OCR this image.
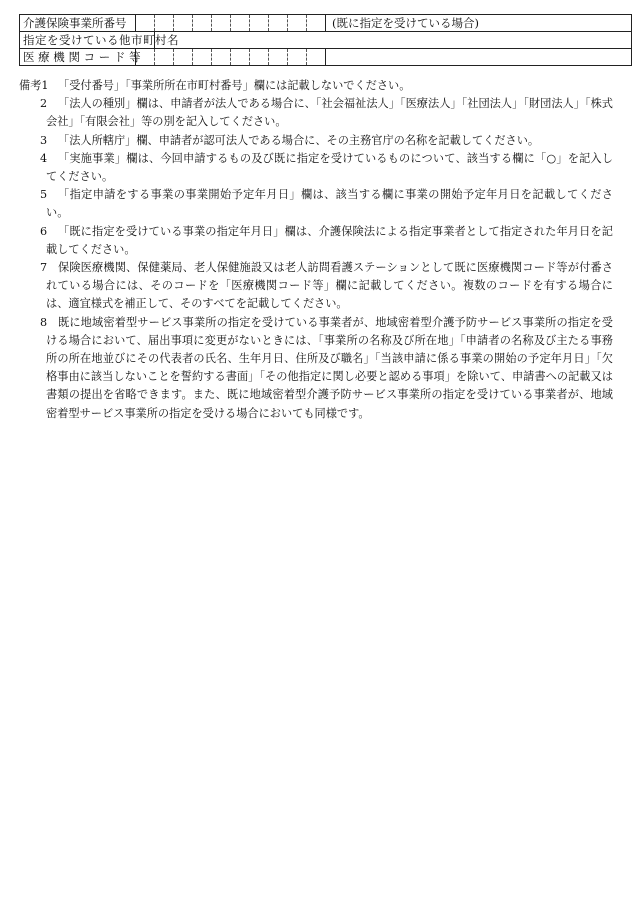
介護保険事業所番号											(既に指定を受けている場合)
指定を受けている他市町村名											
医 療 機 関 コ ー ド 等											
備考1 「受付番号」「事業所所在市町村番号」欄には記載しないでください。
2 「法人の種別」欄は、申請者が法人である場合に、「社会福祉法人」「医療法人」「社団法人」「財団法人」「株式会社」「有限会社」等の別を記入してください。
3 「法人所轄庁」欄、申請者が認可法人である場合に、その主務官庁の名称を記載してください。
4 「実施事業」欄は、今回申請するもの及び既に指定を受けているものについて、該当する欄に「○」を記入してください。
5 「指定申請をする事業の事業開始予定年月日」欄は、該当する欄に事業の開始予定年月日を記載してください。
6 「既に指定を受けている事業の指定年月日」欄は、介護保険法による指定事業者として指定された年月日を記載してください。
7 保険医療機関、保健薬局、老人保健施設又は老人訪問看護ステーションとして既に医療機関コード等が付番されている場合には、そのコードを「医療機関コード等」欄に記載してください。複数のコードを有する場合には、適宜様式を補正して、そのすべてを記載してください。
8 既に地域密着型サービス事業所の指定を受けている事業者が、地域密着型介護予防サービス事業所の指定を受ける場合において、届出事項に変更がないときには、「事業所の名称及び所在地」「申請者の名称及び主たる事務所の所在地並びにその代表者の氏名、生年月日、住所及び職名」「当該申請に係る事業の開始の予定年月日」「欠格事由に該当しないことを誓約する書面」「その他指定に関し必要と認める事項」を除いて、申請書への記載又は書類の提出を省略できます。また、既に地域密着型介護予防サービス事業所の指定を受けている事業者が、地域密着型サービス事業所の指定を受ける場合においても同様です。
